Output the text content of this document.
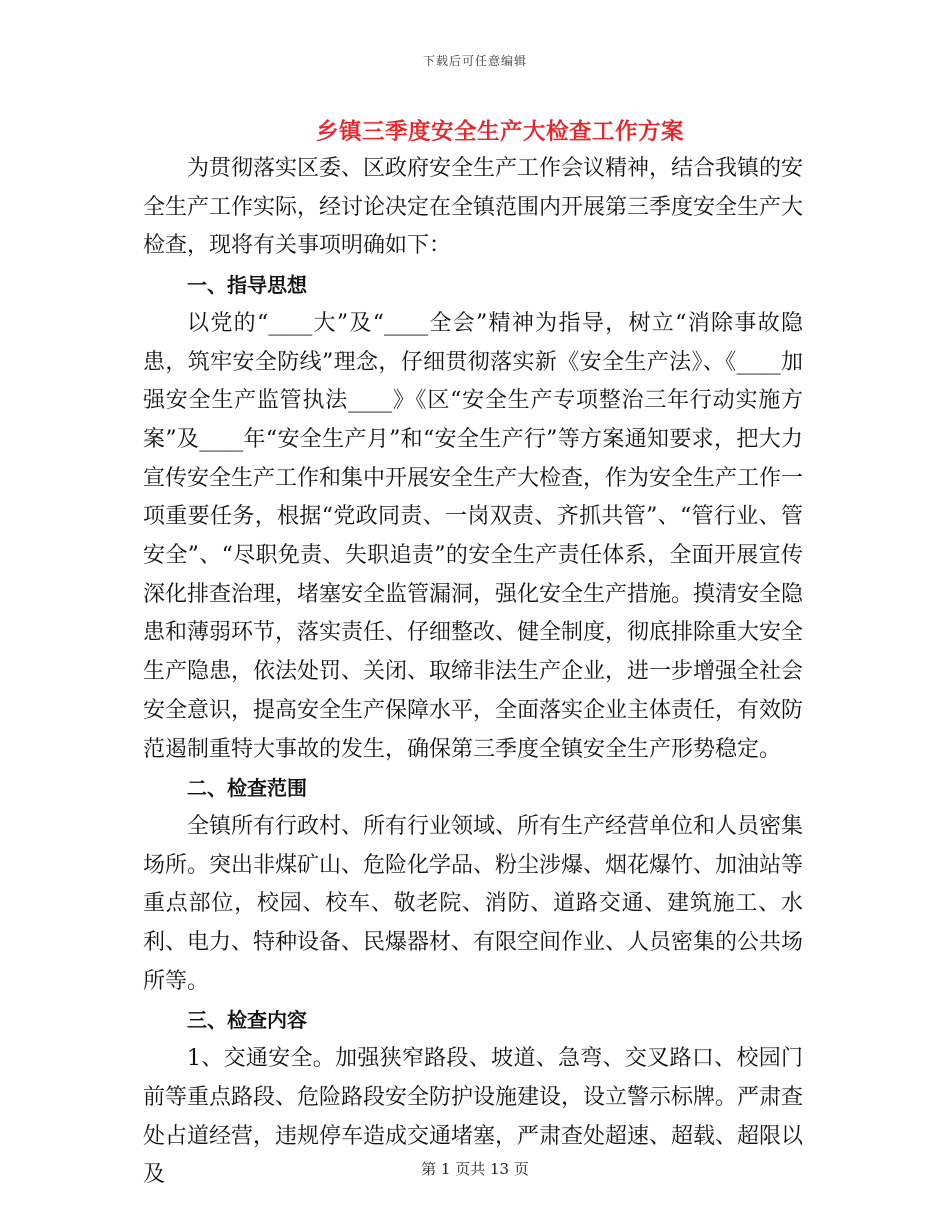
下载后可任意编辑
乡镇三季度安全生产大检查工作方案

为贯彻落实区委、区政府安全生产工作会议精神，结合我镇的安全生产工作实际，经讨论决定在全镇范围内开展第三季度安全生产大检查，现将有关事项明确如下：

一、指导思想

以党的“____大”及“____全会”精神为指导，树立“消除事故隐患，筑牢安全防线”理念，仔细贯彻落实新《安全生产法》、《____加强安全生产监管执法____》《区“安全生产专项整治三年行动实施方案”及____年“安全生产月”和“安全生产行”等方案通知要求，把大力宣传安全生产工作和集中开展安全生产大检查，作为安全生产工作一项重要任务，根据“党政同责、一岗双责、齐抓共管”、“管行业、管安全”、“尽职免责、失职追责”的安全生产责任体系，全面开展宣传深化排查治理，堵塞安全监管漏洞，强化安全生产措施。摸清安全隐患和薄弱环节，落实责任、仔细整改、健全制度，彻底排除重大安全生产隐患，依法处罚、关闭、取缔非法生产企业，进一步增强全社会安全意识，提高安全生产保障水平，全面落实企业主体责任，有效防范遏制重特大事故的发生，确保第三季度全镇安全生产形势稳定。

二、检查范围

全镇所有行政村、所有行业领域、所有生产经营单位和人员密集场所。突出非煤矿山、危险化学品、粉尘涉爆、烟花爆竹、加油站等重点部位，校园、校车、敬老院、消防、道路交通、建筑施工、水利、电力、特种设备、民爆器材、有限空间作业、人员密集的公共场所等。

三、检查内容

1、交通安全。加强狭窄路段、坡道、急弯、交叉路口、校园门前等重点路段、危险路段安全防护设施建设，设立警示标牌。严肃查处占道经营，违规停车造成交通堵塞，严肃查处超速、超载、超限以及	第 1 页共 13 页
